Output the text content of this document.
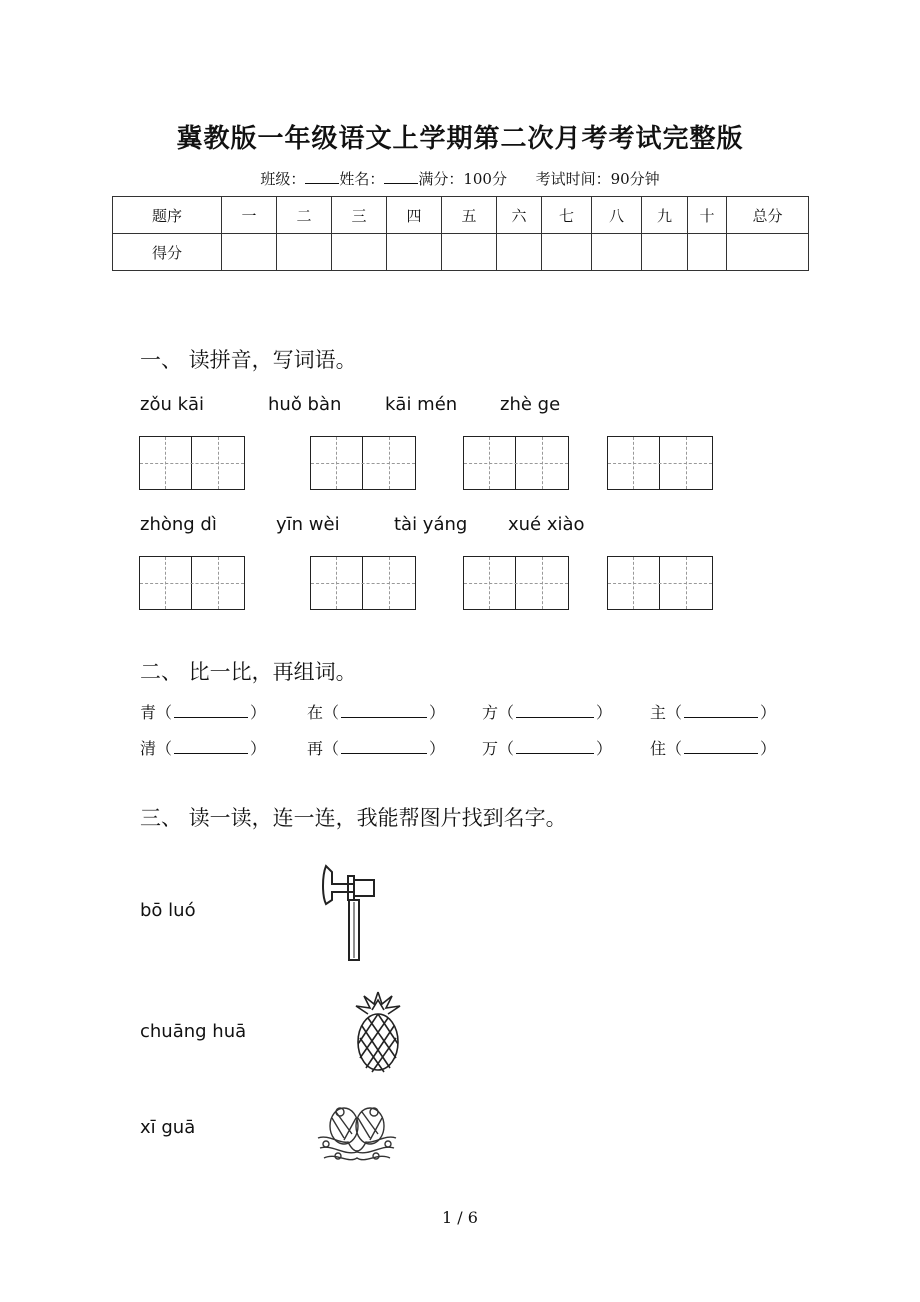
冀教版一年级语文上学期第二次月考考试完整版
班级： 姓名： 满分：100分 考试时间：90分钟
题序	一	二	三	四	五	六	七	八	九	十	总分
得分											
一、 读拼音，写词语。
zǒu kāi	huǒ bàn kāi mén zhè ge
zhòng dì	yīn wèi	tài yáng xué xiào
二、 比一比，再组词。
青（	）	在（	） 方（	） 主（	）
清（	）	再（	） 万（	） 住（	）
三、 读一读，连一连，我能帮图片找到名字。
bō luó
chuāng huā
xī guā
1 / 6
